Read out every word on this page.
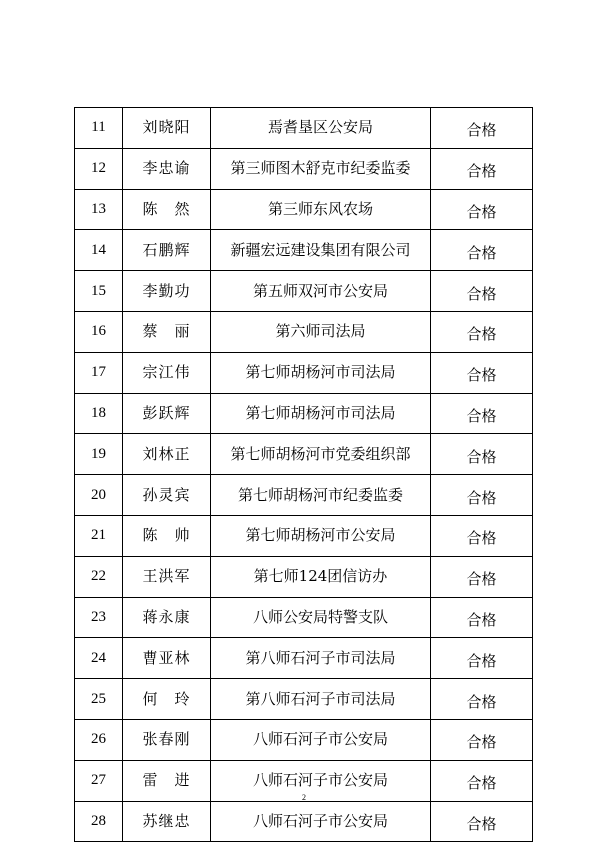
11	刘晓阳	焉耆垦区公安局	合格
12	李忠谕	第三师图木舒克市纪委监委	合格
13	陈　然	第三师东风农场	合格
14	石鹏辉	新疆宏远建设集团有限公司	合格
15	李勤功	第五师双河市公安局	合格
16	蔡　丽	第六师司法局	合格
17	宗江伟	第七师胡杨河市司法局	合格
18	彭跃辉	第七师胡杨河市司法局	合格
19	刘林正	第七师胡杨河市党委组织部	合格
20	孙灵宾	第七师胡杨河市纪委监委	合格
21	陈　帅	第七师胡杨河市公安局	合格
22	王洪军	第七师124团信访办	合格
23	蒋永康	八师公安局特警支队	合格
24	曹亚林	第八师石河子市司法局	合格
25	何　玲	第八师石河子市司法局	合格
26	张春刚	八师石河子市公安局	合格
27	雷　进	八师石河子市公安局	合格
28	苏继忠	八师石河子市公安局	合格
2
